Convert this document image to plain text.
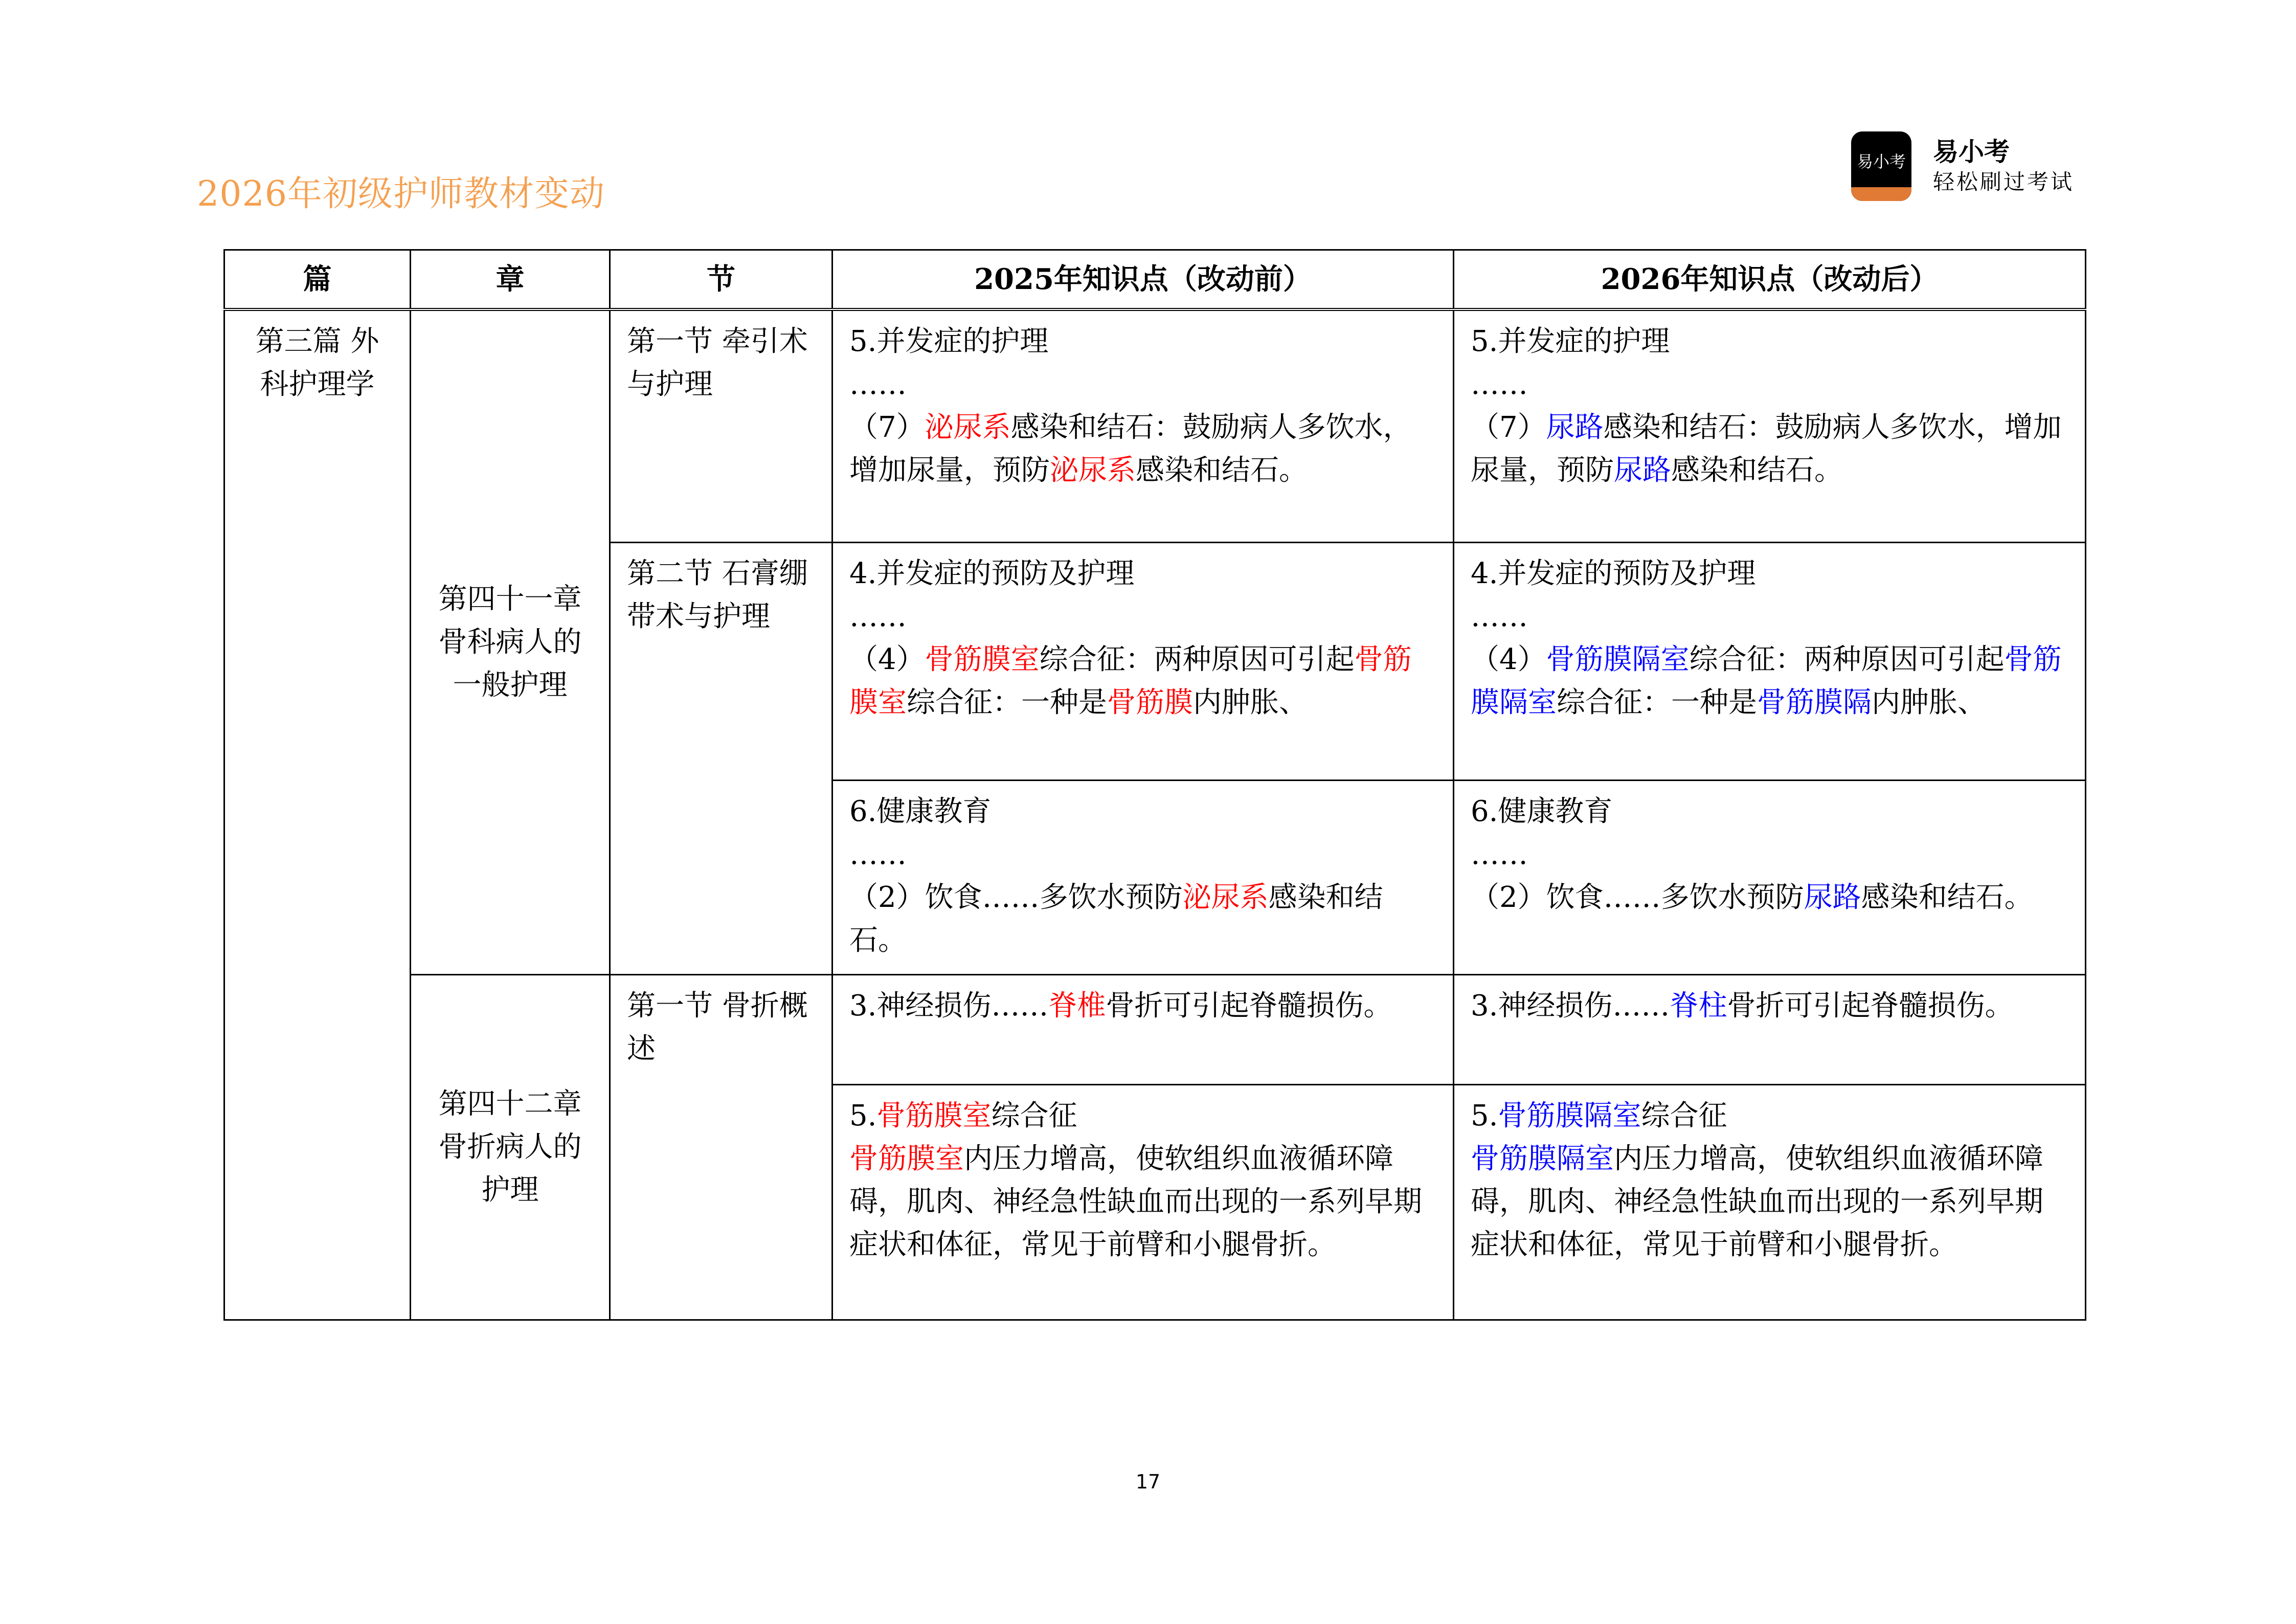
2026年初级护师教材变动
易小考 易小考
轻松刷过考试
篇	章	节	2025年知识点（改动前）	2026年知识点（改动后）
第三篇 外科护理学	第四十一章 骨科病人的一般护理	第一节 牵引术与护理	5.并发症的护理
……
（7）泌尿系感染和结石：鼓励病人多饮水，增加尿量，预防泌尿系感染和结石。	5.并发症的护理
……
（7）尿路感染和结石：鼓励病人多饮水，增加尿量，预防尿路感染和结石。

		第二节 石膏绷带术与护理	4.并发症的预防及护理
……
（4）骨筋膜室综合征：两种原因可引起骨筋膜室综合征：一种是骨筋膜内肿胀、	4.并发症的预防及护理
……
（4）骨筋膜隔室综合征：两种原因可引起骨筋膜隔室综合征：一种是骨筋膜隔内肿胀、

			6.健康教育
……
（2）饮食……多饮水预防泌尿系感染和结石。	6.健康教育
……
（2）饮食……多饮水预防尿路感染和结石。

	第四十二章 骨折病人的护理	第一节 骨折概述	3.神经损伤……脊椎骨折可引起脊髓损伤。	3.神经损伤……脊柱骨折可引起脊髓损伤。

			5.骨筋膜室综合征
骨筋膜室内压力增高，使软组织血液循环障碍，肌肉、神经急性缺血而出现的一系列早期症状和体征，常见于前臂和小腿骨折。	5.骨筋膜隔室综合征
骨筋膜隔室内压力增高，使软组织血液循环障碍，肌肉、神经急性缺血而出现的一系列早期症状和体征，常见于前臂和小腿骨折。
17
